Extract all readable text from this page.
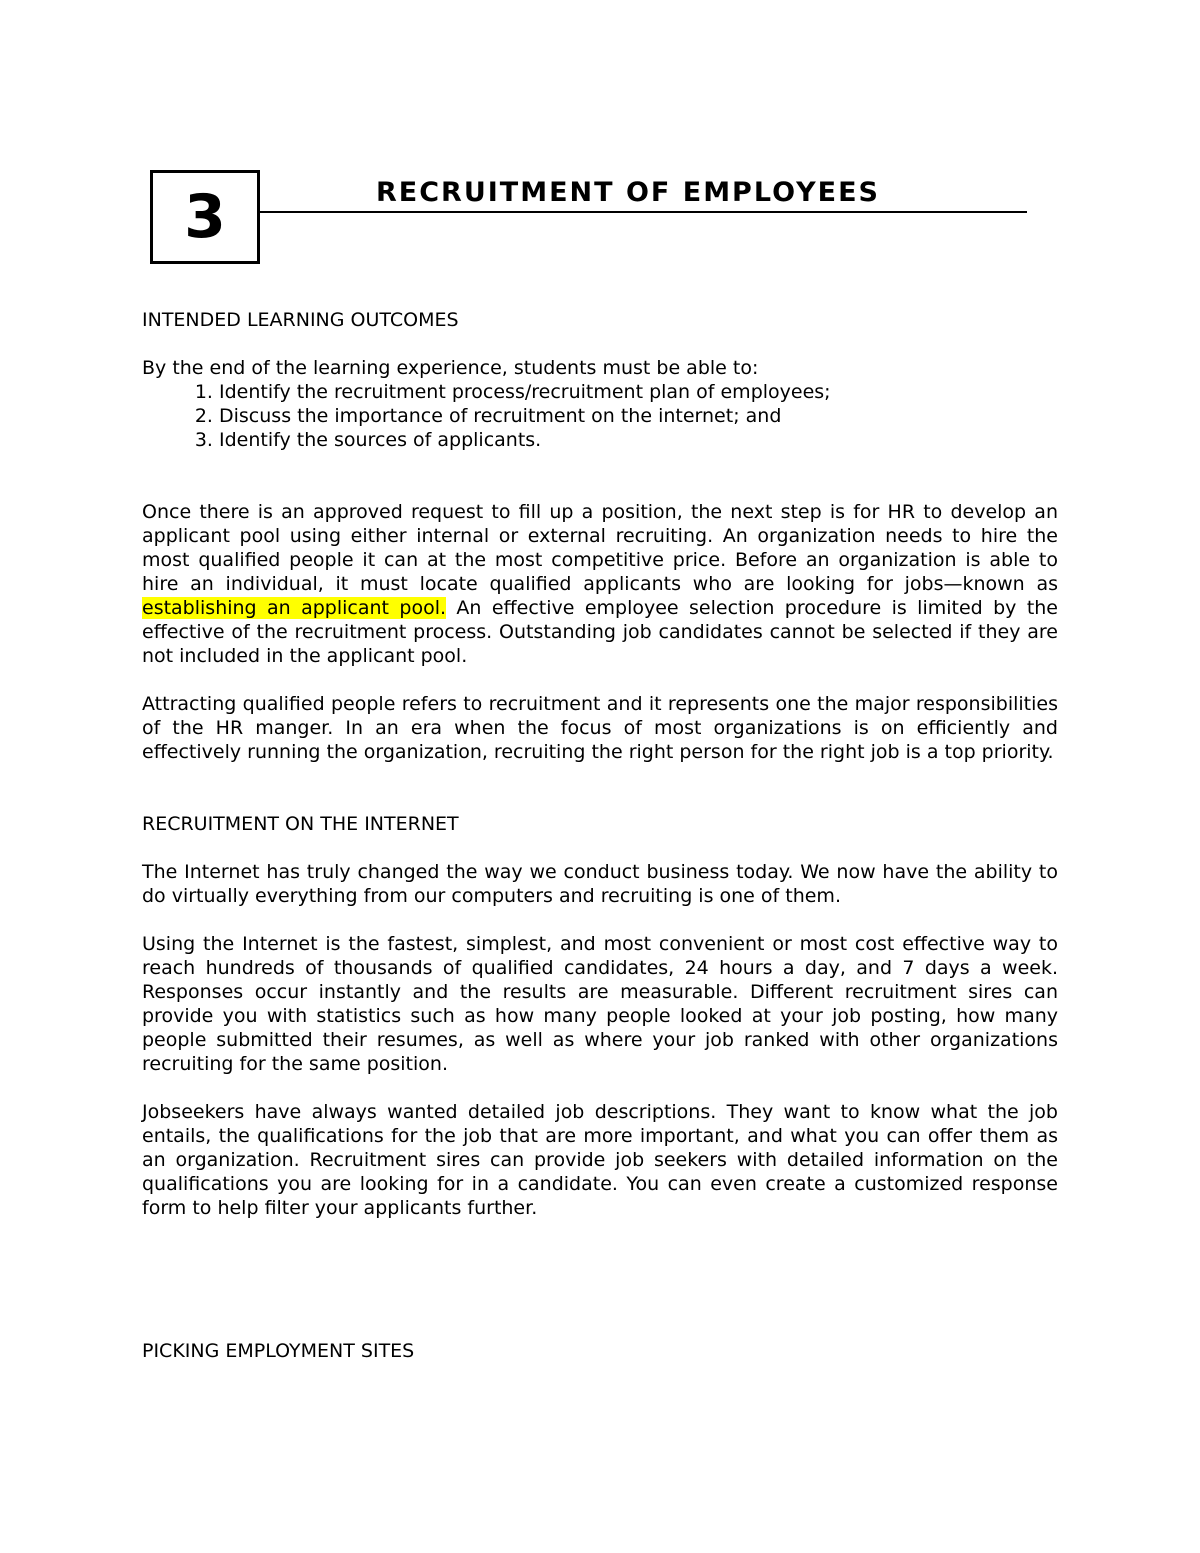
3	RECRUITMENT OF EMPLOYEES
INTENDED LEARNING OUTCOMES

By the end of the learning experience, students must be able to:

1. Identify the recruitment process/recruitment plan of employees;
2. Discuss the importance of recruitment on the internet; and
3. Identify the sources of applicants.

Once there is an approved request to fill up a position, the next step is for HR to develop an applicant pool using either internal or external recruiting. An organization needs to hire the most qualified people it can at the most competitive price. Before an organization is able to hire an individual, it must locate qualified applicants who are looking for jobs—known as establishing an applicant pool. An effective employee selection procedure is limited by the effective of the recruitment process. Outstanding job candidates cannot be selected if they are not included in the applicant pool.

Attracting qualified people refers to recruitment and it represents one the major responsibilities of the HR manger. In an era when the focus of most organizations is on efficiently and effectively running the organization, recruiting the right person for the right job is a top priority.

RECRUITMENT ON THE INTERNET

The Internet has truly changed the way we conduct business today. We now have the ability to do virtually everything from our computers and recruiting is one of them.

Using the Internet is the fastest, simplest, and most convenient or most cost effective way to reach hundreds of thousands of qualified candidates, 24 hours a day, and 7 days a week. Responses occur instantly and the results are measurable. Different recruitment sires can provide you with statistics such as how many people looked at your job posting, how many people submitted their resumes, as well as where your job ranked with other organizations recruiting for the same position.

Jobseekers have always wanted detailed job descriptions. They want to know what the job entails, the qualifications for the job that are more important, and what you can offer them as an organization. Recruitment sires can provide job seekers with detailed information on the qualifications you are looking for in a candidate. You can even create a customized response form to help filter your applicants further.

PICKING EMPLOYMENT SITES
